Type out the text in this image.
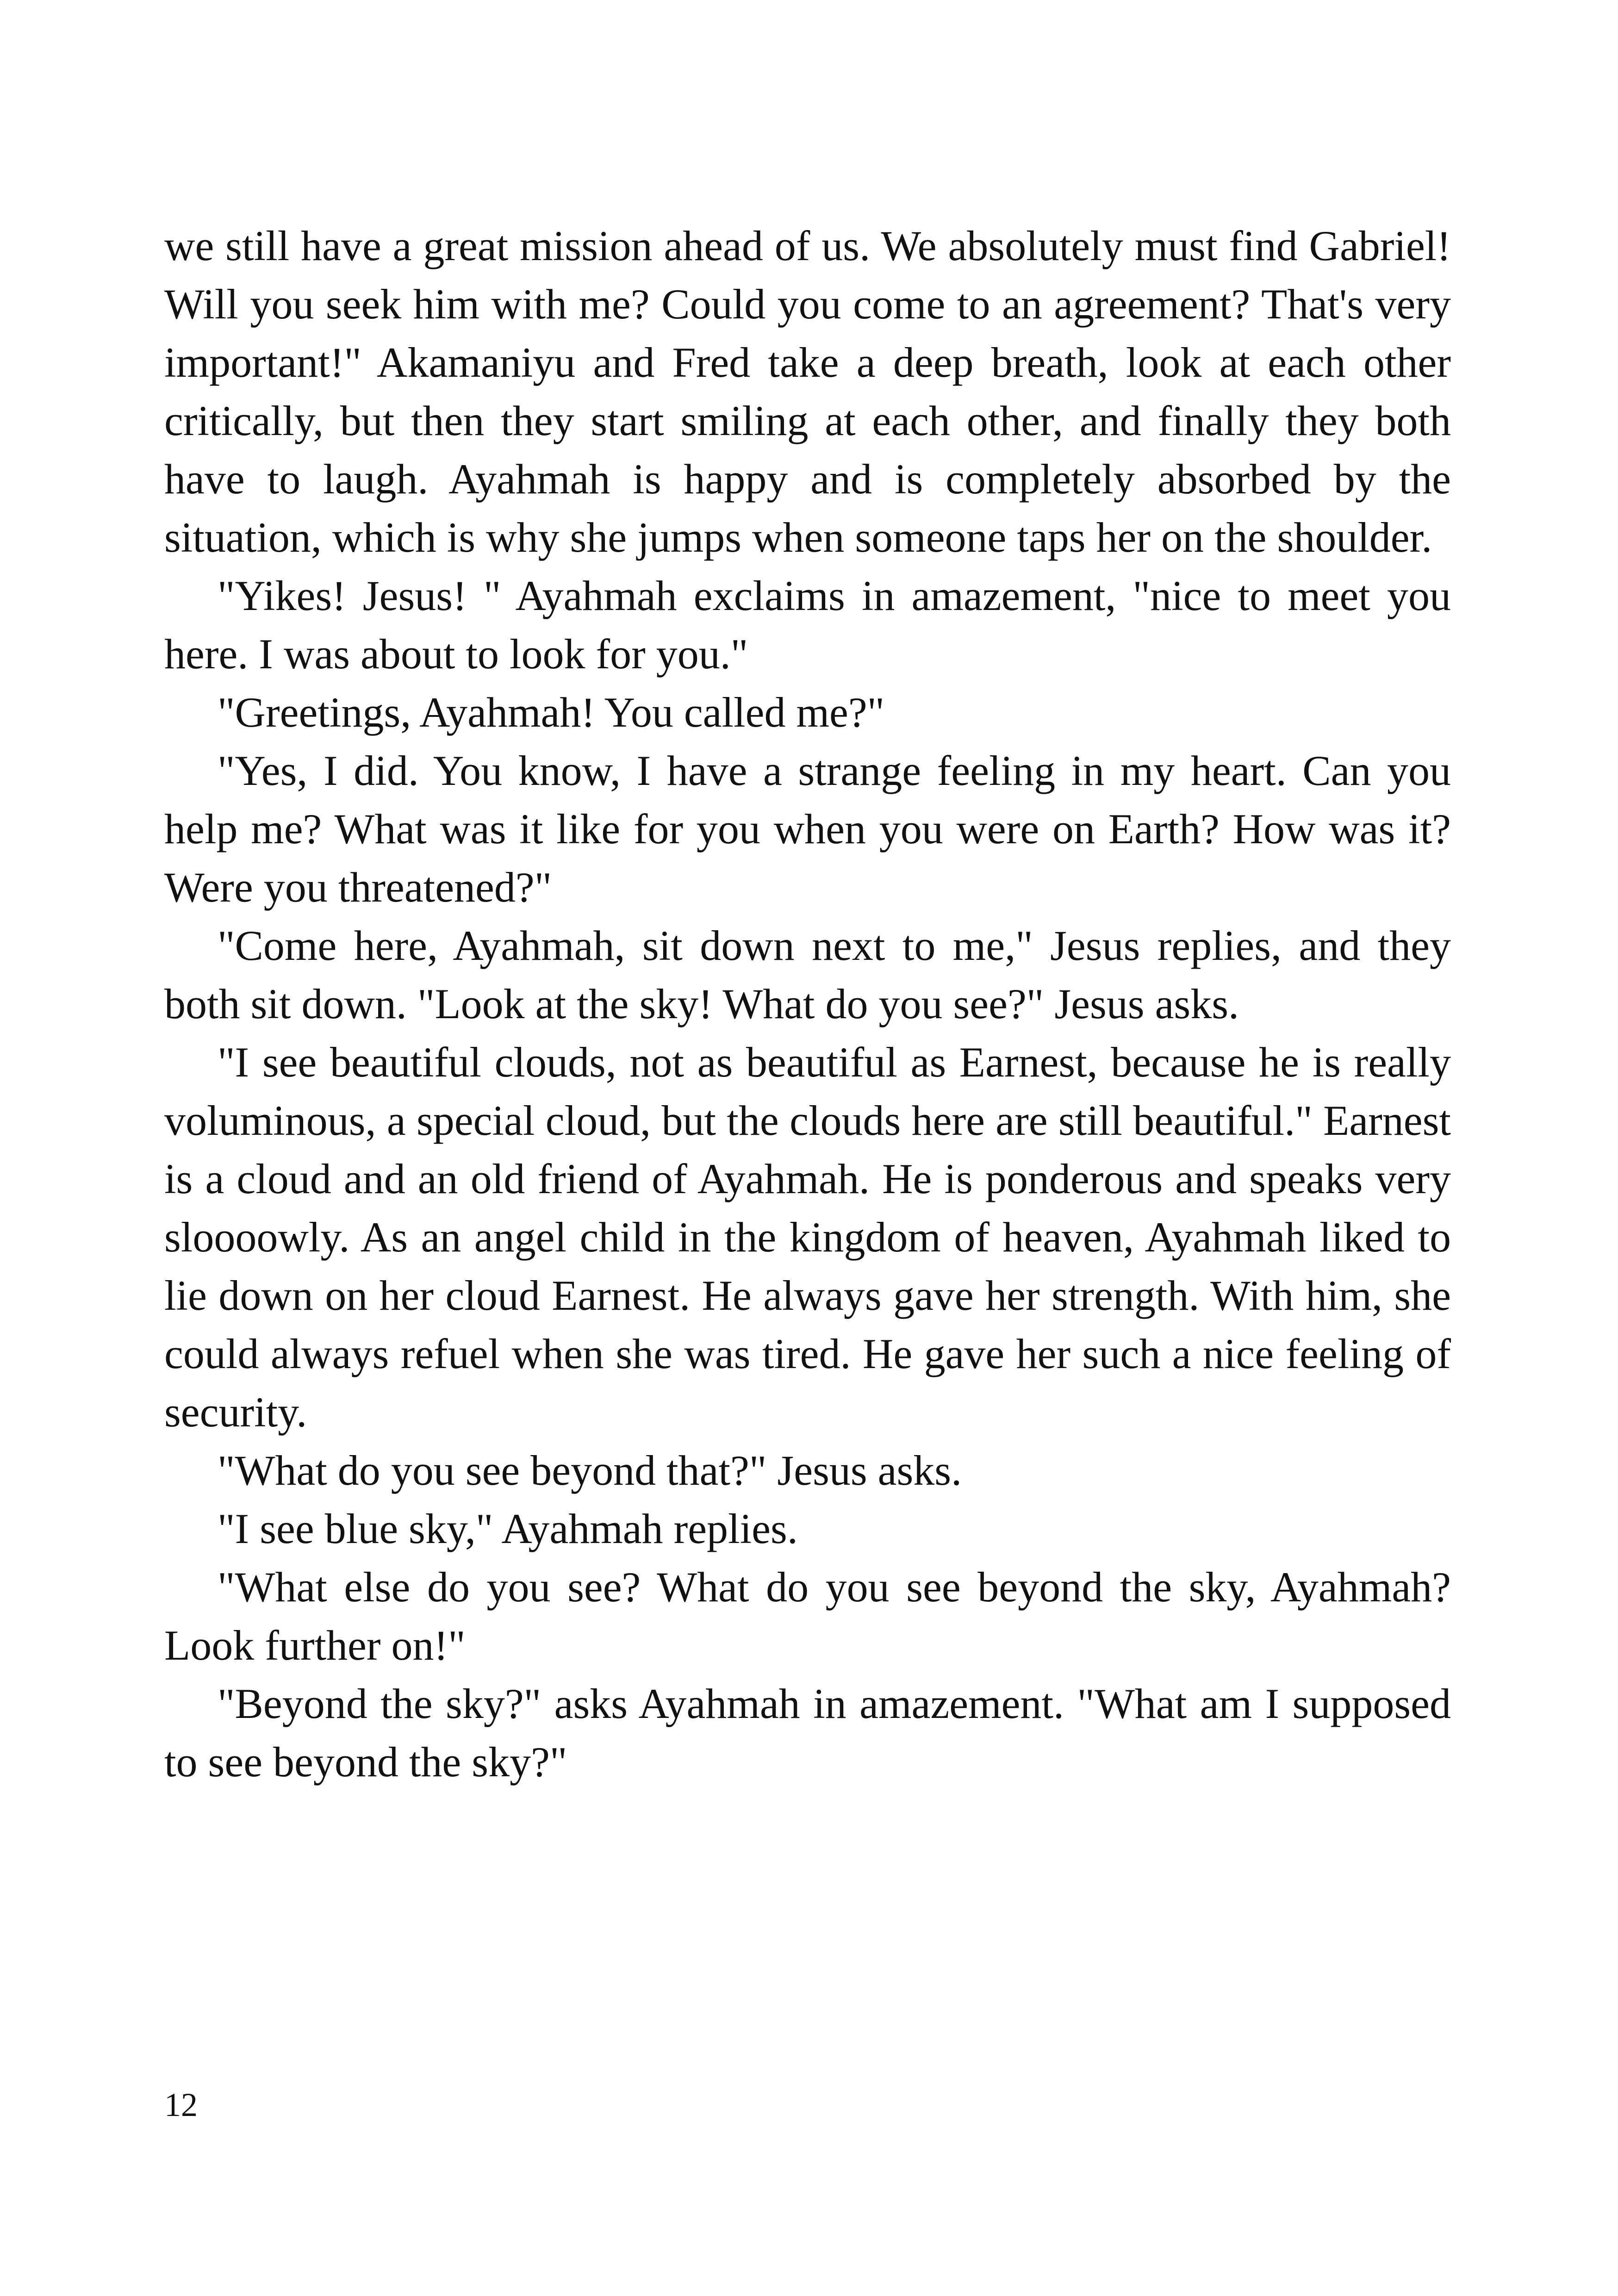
we still have a great mission ahead of us. We absolutely must find Gabriel! Will you seek him with me? Could you come to an agreement? That's very important!" Akamaniyu and Fred take a deep breath, look at each other critically, but then they start smiling at each other, and finally they both have to laugh. Ayahmah is happy and is completely absorbed by the situation, which is why she jumps when someone taps her on the shoulder.

"Yikes! Jesus! " Ayahmah exclaims in amazement, "nice to meet you here. I was about to look for you."

"Greetings, Ayahmah! You called me?"

"Yes, I did. You know, I have a strange feeling in my heart. Can you help me? What was it like for you when you were on Earth? How was it? Were you threatened?"

"Come here, Ayahmah, sit down next to me," Jesus replies, and they both sit down. "Look at the sky! What do you see?" Jesus asks.

"I see beautiful clouds, not as beautiful as Earnest, because he is really voluminous, a special cloud, but the clouds here are still beautiful." Earnest is a cloud and an old friend of Ayahmah. He is ponderous and speaks very sloooowly. As an angel child in the kingdom of heaven, Ayahmah liked to lie down on her cloud Earnest. He always gave her strength. With him, she could always refuel when she was tired. He gave her such a nice feeling of security.

"What do you see beyond that?" Jesus asks.

"I see blue sky," Ayahmah replies.

"What else do you see? What do you see beyond the sky, Ayahmah? Look further on!"

"Beyond the sky?" asks Ayahmah in amazement. "What am I supposed to see beyond the sky?"

12
